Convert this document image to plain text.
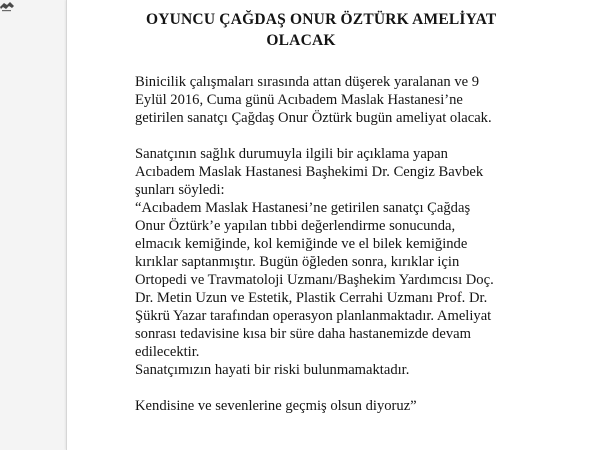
OYUNCU ÇAĞDAŞ ONUR ÖZTÜRK AMELİYAT
OLACAK

Binicilik çalışmaları sırasında attan düşerek yaralanan ve 9
Eylül 2016, Cuma günü Acıbadem Maslak Hastanesi’ne
getirilen sanatçı Çağdaş Onur Öztürk bugün ameliyat olacak.

Sanatçının sağlık durumuyla ilgili bir açıklama yapan
Acıbadem Maslak Hastanesi Başhekimi Dr. Cengiz Bavbek
şunları söyledi:

“Acıbadem Maslak Hastanesi’ne getirilen sanatçı Çağdaş
Onur Öztürk’e yapılan tıbbi değerlendirme sonucunda,
elmacık kemiğinde, kol kemiğinde ve el bilek kemiğinde
kırıklar saptanmıştır. Bugün öğleden sonra, kırıklar için
Ortopedi ve Travmatoloji Uzmanı/Başhekim Yardımcısı Doç.
Dr. Metin Uzun ve Estetik, Plastik Cerrahi Uzmanı Prof. Dr.
Şükrü Yazar tarafından operasyon planlanmaktadır. Ameliyat
sonrası tedavisine kısa bir süre daha hastanemizde devam
edilecektir.
Sanatçımızın hayati bir riski bulunmamaktadır.
Kendisine ve sevenlerine geçmiş olsun diyoruz”
